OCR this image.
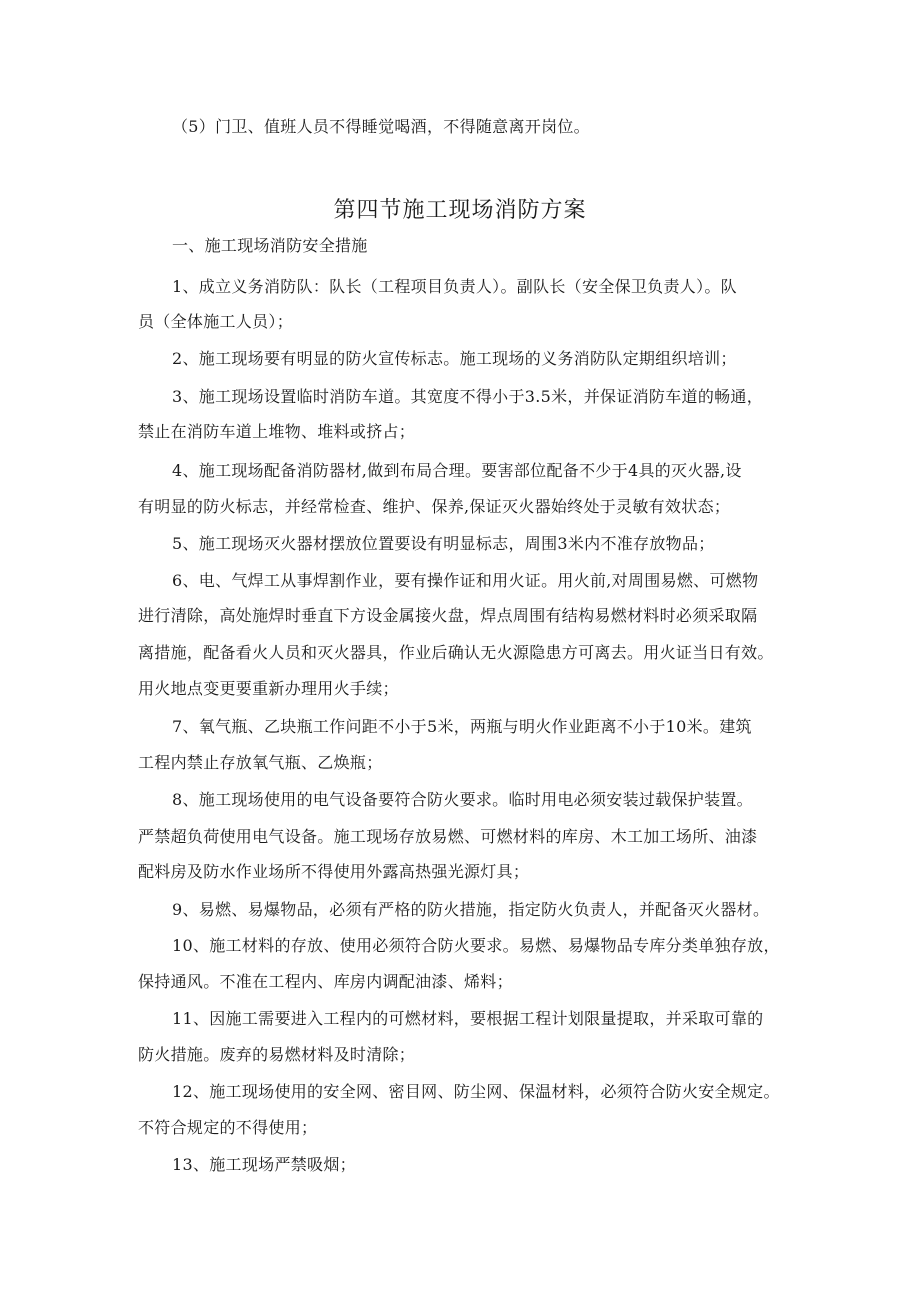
（5）门卫、值班人员不得睡觉喝酒，不得随意离开岗位。
第四节施工现场消防方案
一、施工现场消防安全措施
1、成立义务消防队：队长（工程项目负责人）。副队长（安全保卫负责人）。队
员（全体施工人员）；
2、施工现场要有明显的防火宣传标志。施工现场的义务消防队定期组织培训；
3、施工现场设置临时消防车道。其宽度不得小于3.5米，并保证消防车道的畅通，
禁止在消防车道上堆物、堆料或挤占；
4、施工现场配备消防器材,做到布局合理。要害部位配备不少于4具的灭火器,设
有明显的防火标志，并经常检查、维护、保养,保证灭火器始终处于灵敏有效状态；
5、施工现场灭火器材摆放位置要设有明显标志，周围3米内不准存放物品；
6、电、气焊工从事焊割作业，要有操作证和用火证。用火前,对周围易燃、可燃物
进行清除，高处施焊时垂直下方设金属接火盘，焊点周围有结构易燃材料时必须采取隔
离措施，配备看火人员和灭火器具，作业后确认无火源隐患方可离去。用火证当日有效。
用火地点变更要重新办理用火手续；
7、氧气瓶、乙块瓶工作问距不小于5米，两瓶与明火作业距离不小于10米。建筑
工程内禁止存放氧气瓶、乙焕瓶；
8、施工现场使用的电气设备要符合防火要求。临时用电必须安装过载保护装置。
严禁超负荷使用电气设备。施工现场存放易燃、可燃材料的库房、木工加工场所、油漆
配料房及防水作业场所不得使用外露高热强光源灯具；
9、易燃、易爆物品，必须有严格的防火措施，指定防火负责人，并配备灭火器材。
10、施工材料的存放、使用必须符合防火要求。易燃、易爆物品专库分类单独存放，
保持通风。不准在工程内、库房内调配油漆、烯料；
11、因施工需要进入工程内的可燃材料，要根据工程计划限量提取，并采取可靠的
防火措施。废弃的易燃材料及时清除；
12、施工现场使用的安全网、密目网、防尘网、保温材料，必须符合防火安全规定。
不符合规定的不得使用；
13、施工现场严禁吸烟；
